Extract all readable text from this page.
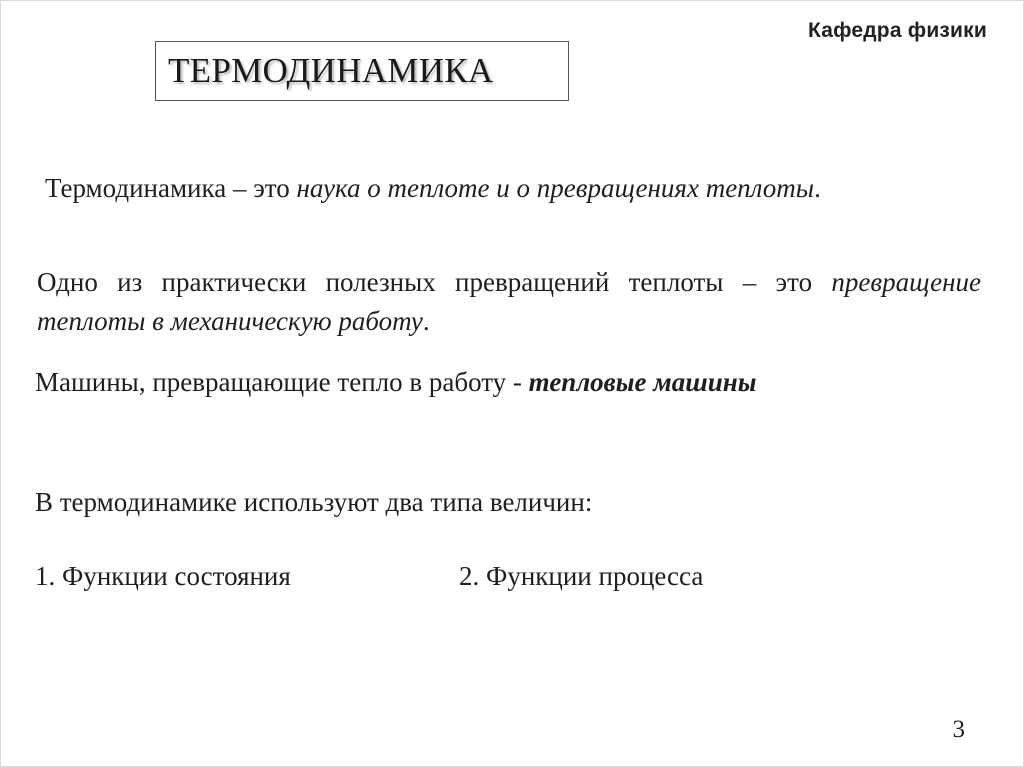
Кафедра физики
ТЕРМОДИНАМИКА
Термодинамика – это наука о теплоте и о превращениях теплоты.
Одно из практически полезных превращений теплоты – это превращение теплоты в механическую работу.
Машины, превращающие тепло в работу - тепловые машины
В термодинамике используют два типа величин:
1. Функции состояния	2. Функции процесса
3
